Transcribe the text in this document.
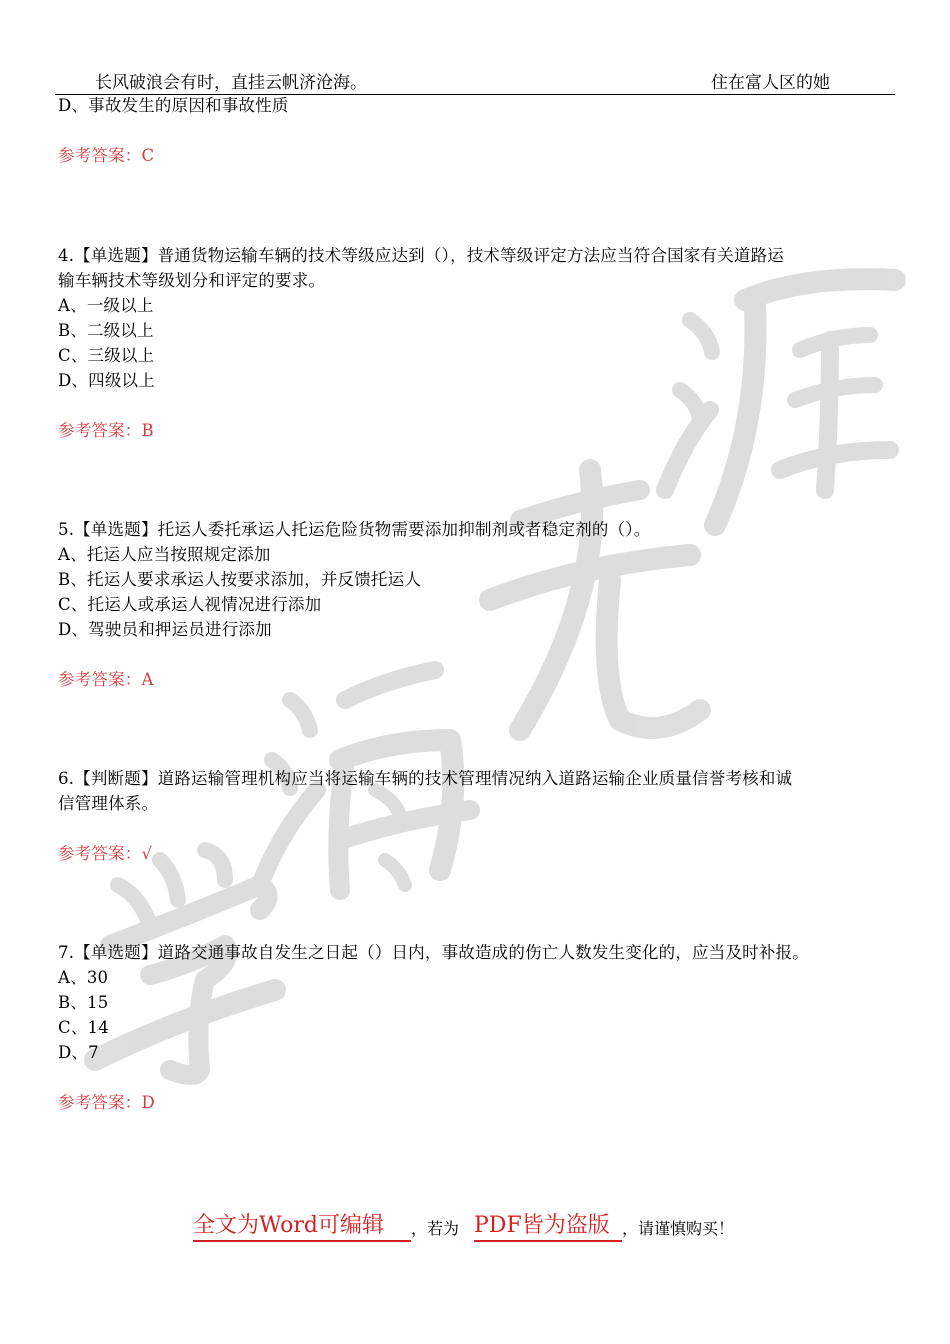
长风破浪会有时，直挂云帆济沧海。	住在富人区的她
D、事故发生的原因和事故性质
参考答案：C
4.【单选题】普通货物运输车辆的技术等级应达到（），技术等级评定方法应当符合国家有关道路运
输车辆技术等级划分和评定的要求。
A、一级以上
B、二级以上
C、三级以上
D、四级以上
参考答案：B
5.【单选题】托运人委托承运人托运危险货物需要添加抑制剂或者稳定剂的（）。
A、托运人应当按照规定添加
B、托运人要求承运人按要求添加，并反馈托运人
C、托运人或承运人视情况进行添加
D、驾驶员和押运员进行添加
参考答案：A
6.【判断题】道路运输管理机构应当将运输车辆的技术管理情况纳入道路运输企业质量信誉考核和诚
信管理体系。
参考答案：√
7.【单选题】道路交通事故自发生之日起（）日内，事故造成的伤亡人数发生变化的，应当及时补报。
A、30
B、15
C、14
D、7
参考答案：D
全文为Word可编辑 ，若为 PDF皆为盗版 ，请谨慎购买！
